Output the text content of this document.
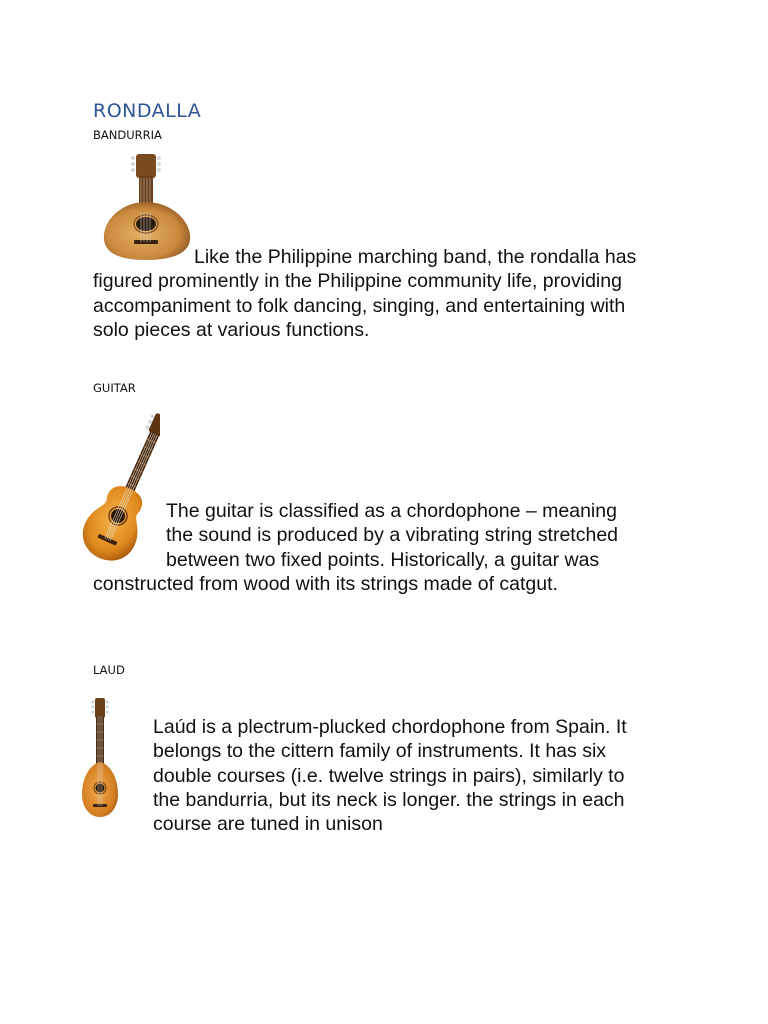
RONDALLA

BANDURRIA

Like the Philippine marching band, the rondalla has
figured prominently in the Philippine community life, providing
accompaniment to folk dancing, singing, and entertaining with
solo pieces at various functions.

GUITAR

The guitar is classified as a chordophone – meaning
the sound is produced by a vibrating string stretched
between two fixed points. Historically, a guitar was
constructed from wood with its strings made of catgut.

LAUD

Laúd is a plectrum-plucked chordophone from Spain. It
belongs to the cittern family of instruments. It has six
double courses (i.e. twelve strings in pairs), similarly to
the bandurria, but its neck is longer. the strings in each
course are tuned in unison
